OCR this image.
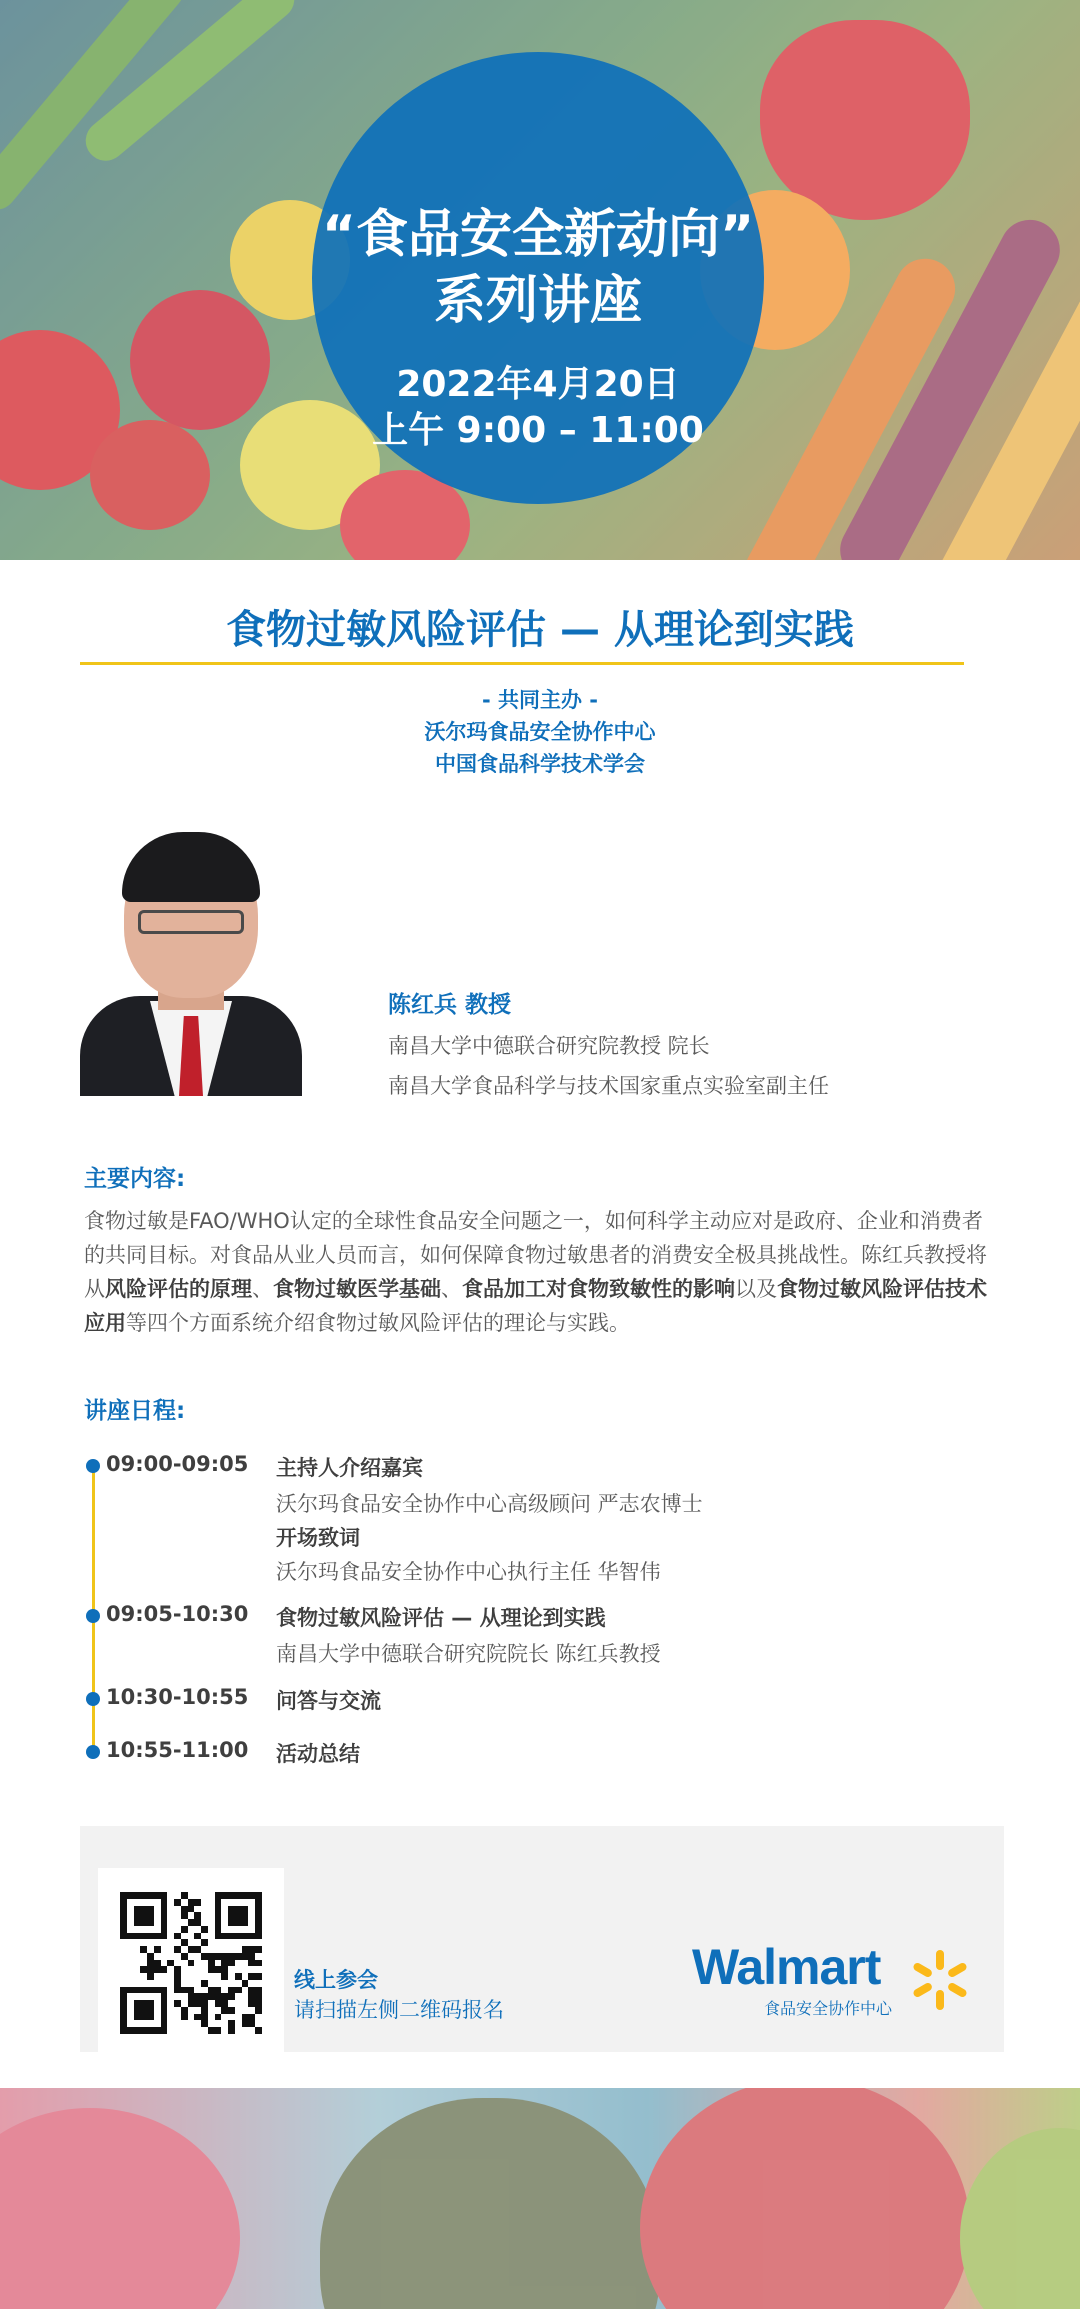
“食品安全新动向”
系列讲座
2022年4月20日
上午 9:00 – 11:00
食物过敏风险评估 — 从理论到实践
- 共同主办 -
沃尔玛食品安全协作中心
中国食品科学技术学会
陈红兵 教授
南昌大学中德联合研究院教授 院长
南昌大学食品科学与技术国家重点实验室副主任
主要内容:
食物过敏是FAO/WHO认定的全球性食品安全问题之一，如何科学主动应对是政府、企业和消费者的共同目标。对食品从业人员而言，如何保障食物过敏患者的消费安全极具挑战性。陈红兵教授将从风险评估的原理、食物过敏医学基础、食品加工对食物致敏性的影响以及食物过敏风险评估技术应用等四个方面系统介绍食物过敏风险评估的理论与实践。
讲座日程:
09:00-09:05 主持人介绍嘉宾
沃尔玛食品安全协作中心高级顾问 严志农博士
开场致词
沃尔玛食品安全协作中心执行主任 华智伟
09:05-10:30 食物过敏风险评估 — 从理论到实践
南昌大学中德联合研究院院长 陈红兵教授
10:30-10:55 问答与交流
10:55-11:00 活动总结
线上参会
请扫描左侧二维码报名
Walmart
食品安全协作中心
